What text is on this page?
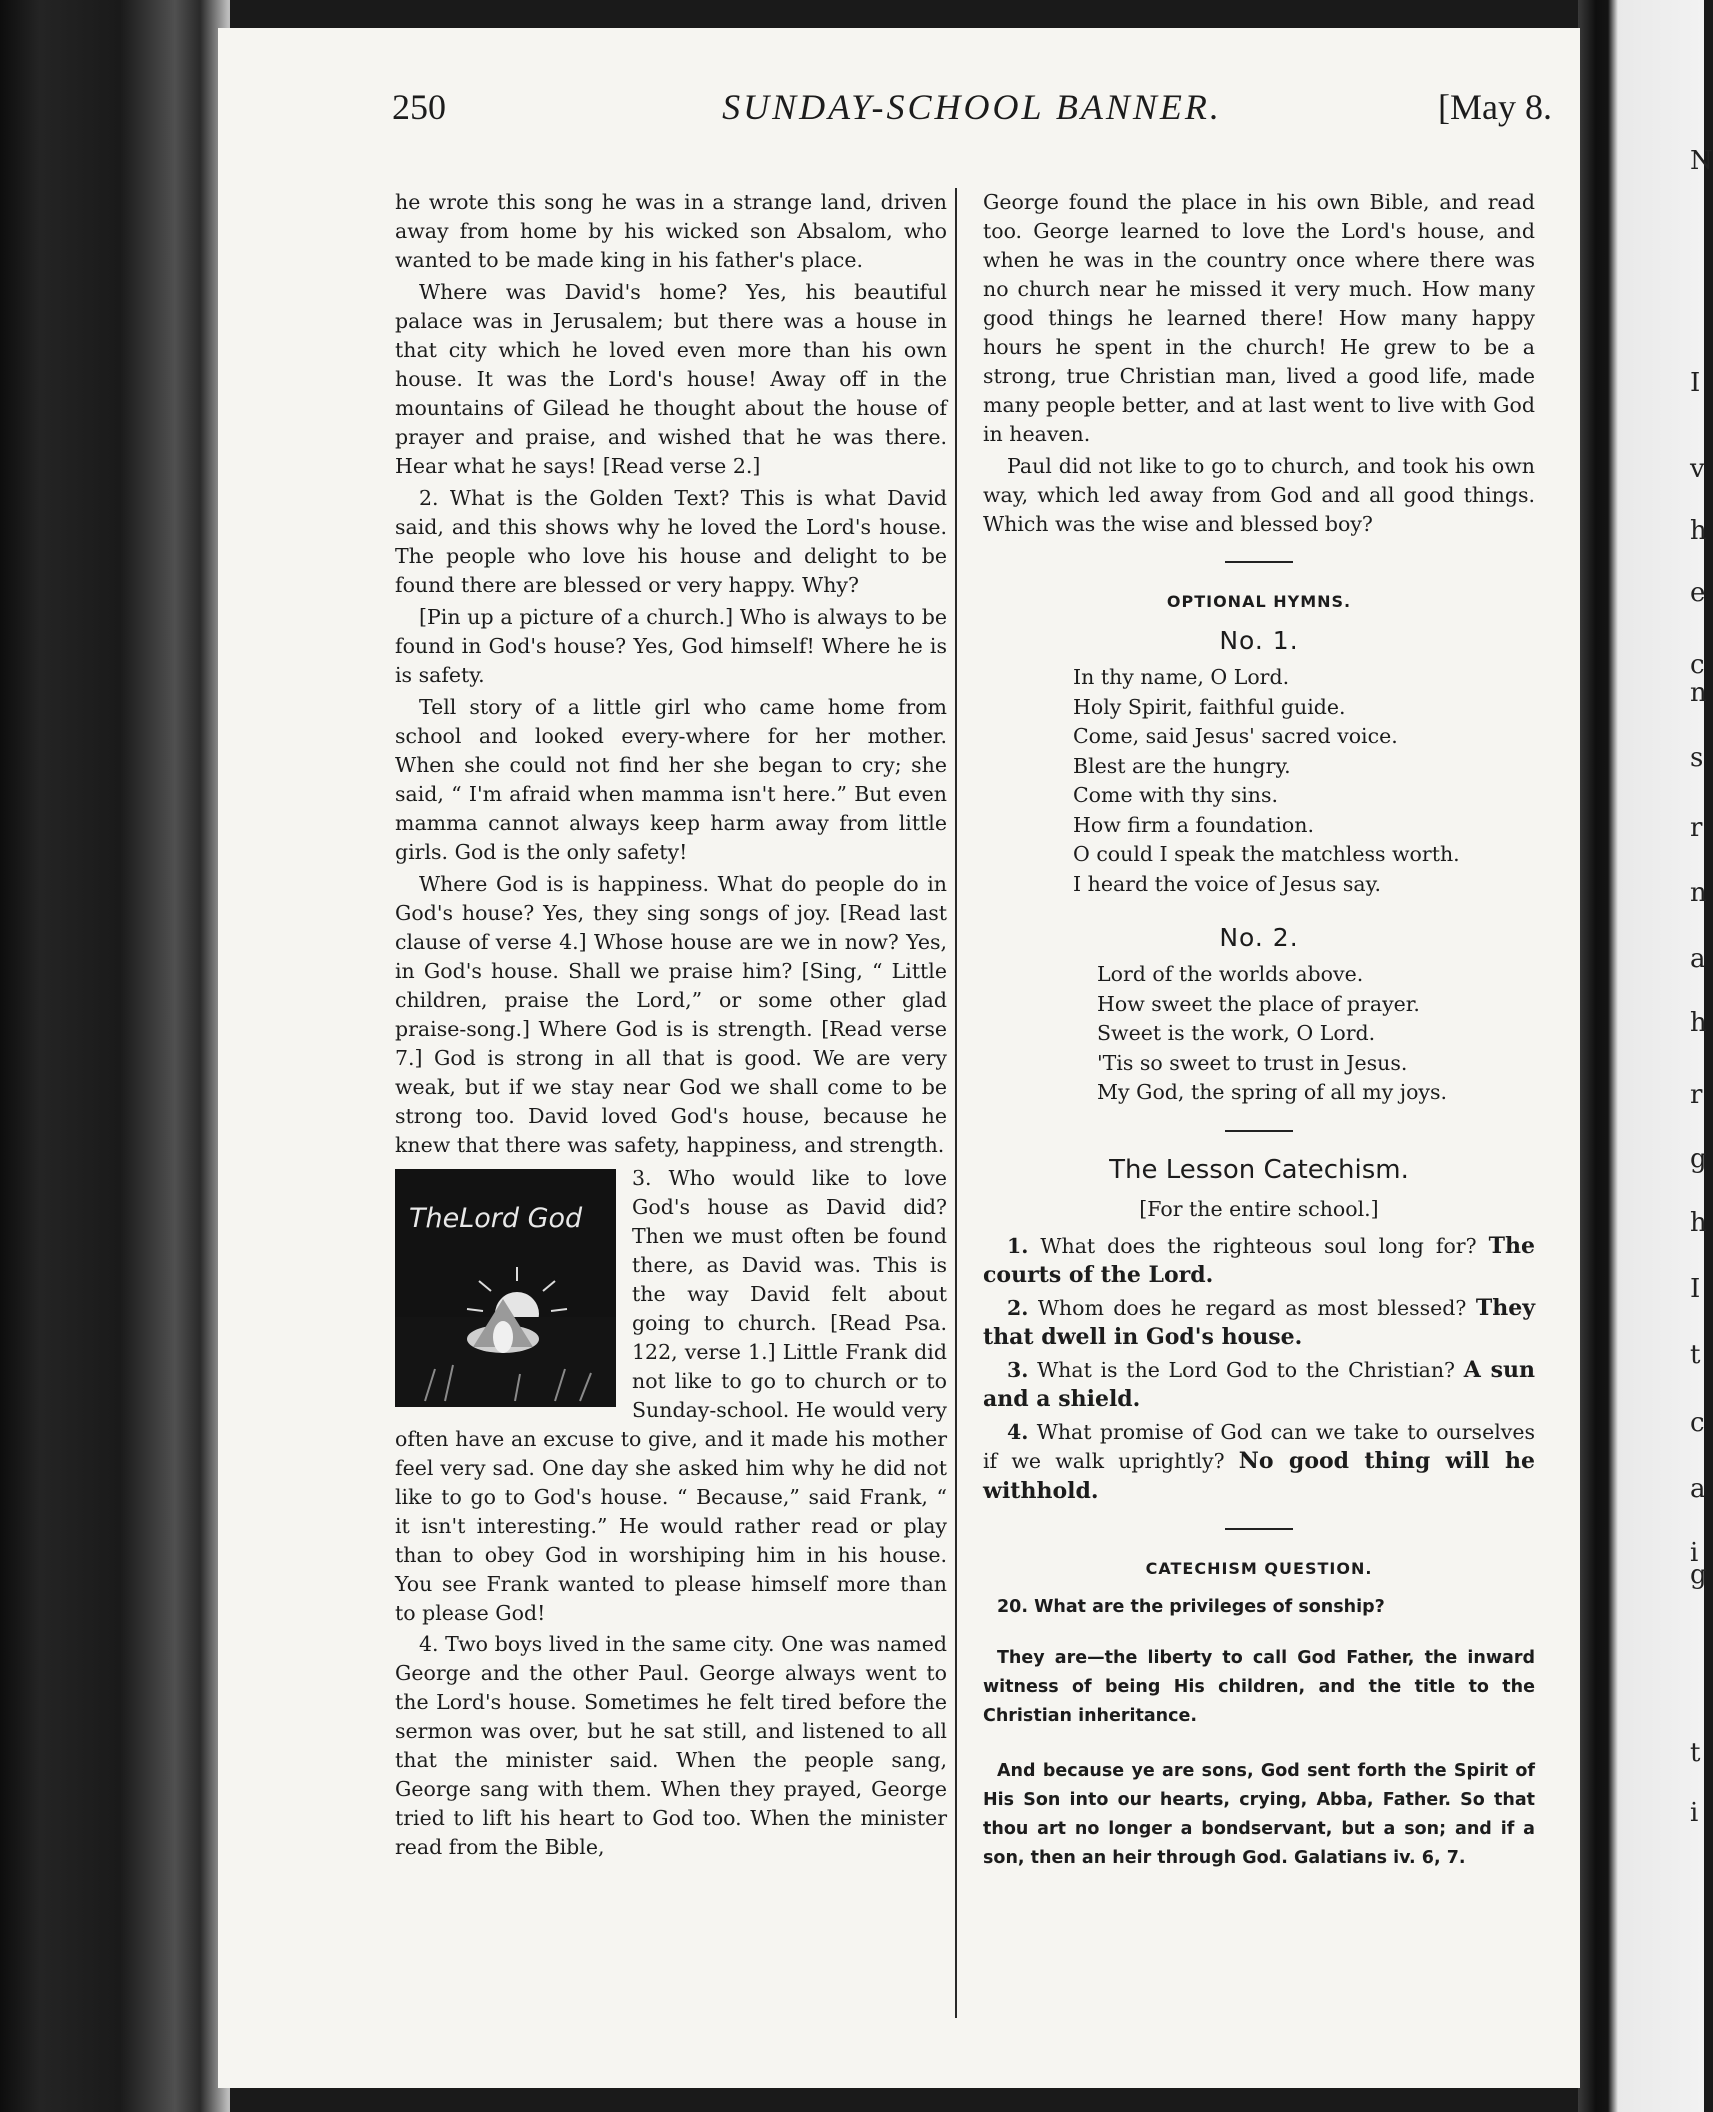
N
I
v
h
e
c
n
s
r
n
a
h
r
g
h
I
t
c
a
i
g
t
i
250	SUNDAY-SCHOOL BANNER.	[May 8.

he wrote this song he was in a strange land, driven away from home by his wicked son Absalom, who wanted to be made king in his father's place.

Where was David's home? Yes, his beautiful palace was in Jerusalem; but there was a house in that city which he loved even more than his own house. It was the Lord's house! Away off in the mountains of Gilead he thought about the house of prayer and praise, and wished that he was there. Hear what he says! [Read verse 2.]

2. What is the Golden Text? This is what David said, and this shows why he loved the Lord's house. The people who love his house and delight to be found there are blessed or very happy. Why?

[Pin up a picture of a church.] Who is always to be found in God's house? Yes, God himself! Where he is is safety.

Tell story of a little girl who came home from school and looked every-where for her mother. When she could not find her she began to cry; she said, “ I'm afraid when mamma isn't here.” But even mamma cannot always keep harm away from little girls. God is the only safety!

Where God is is happiness. What do people do in God's house? Yes, they sing songs of joy. [Read last clause of verse 4.] Whose house are we in now? Yes, in God's house. Shall we praise him? [Sing, “ Little children, praise the Lord,” or some other glad praise-song.] Where God is is strength. [Read verse 7.] God is strong in all that is good. We are very weak, but if we stay near God we shall come to be strong too. David loved God's house, because he knew that there was safety, happiness, and strength.

TheLord God

3. Who would like to love God's house as David did? Then we must often be found there, as David was. This is the way David felt about going to church. [Read Psa. 122, verse 1.] Little Frank did not like to go to church or to Sunday-school. He would very often have an excuse to give, and it made his mother feel very sad. One day she asked him why he did not like to go to God's house. “ Because,” said Frank, “ it isn't interesting.” He would rather read or play than to obey God in worshiping him in his house. You see Frank wanted to please himself more than to please God!

4. Two boys lived in the same city. One was named George and the other Paul. George always went to the Lord's house. Sometimes he felt tired before the sermon was over, but he sat still, and listened to all that the minister said. When the people sang, George sang with them. When they prayed, George tried to lift his heart to God too. When the minister read from the Bible,

George found the place in his own Bible, and read too. George learned to love the Lord's house, and when he was in the country once where there was no church near he missed it very much. How many good things he learned there! How many happy hours he spent in the church! He grew to be a strong, true Christian man, lived a good life, made many people better, and at last went to live with God in heaven.

Paul did not like to go to church, and took his own way, which led away from God and all good things. Which was the wise and blessed boy?

OPTIONAL HYMNS.
No. 1.
In thy name, O Lord.
Holy Spirit, faithful guide.
Come, said Jesus' sacred voice.
Blest are the hungry.
Come with thy sins.
How firm a foundation.
O could I speak the matchless worth.
I heard the voice of Jesus say.
No. 2.
Lord of the worlds above.
How sweet the place of prayer.
Sweet is the work, O Lord.
'Tis so sweet to trust in Jesus.
My God, the spring of all my joys.
The Lesson Catechism.
[For the entire school.]

1. What does the righteous soul long for? The courts of the Lord.

2. Whom does he regard as most blessed? They that dwell in God's house.

3. What is the Lord God to the Christian? A sun and a shield.

4. What promise of God can we take to ourselves if we walk uprightly? No good thing will he withhold.

CATECHISM QUESTION.
20. What are the privileges of sonship?
They are—the liberty to call God Father, the inward witness of being His children, and the title to the Christian inheritance.
And because ye are sons, God sent forth the Spirit of His Son into our hearts, crying, Abba, Father. So that thou art no longer a bondservant, but a son; and if a son, then an heir through God. Galatians iv. 6, 7.
